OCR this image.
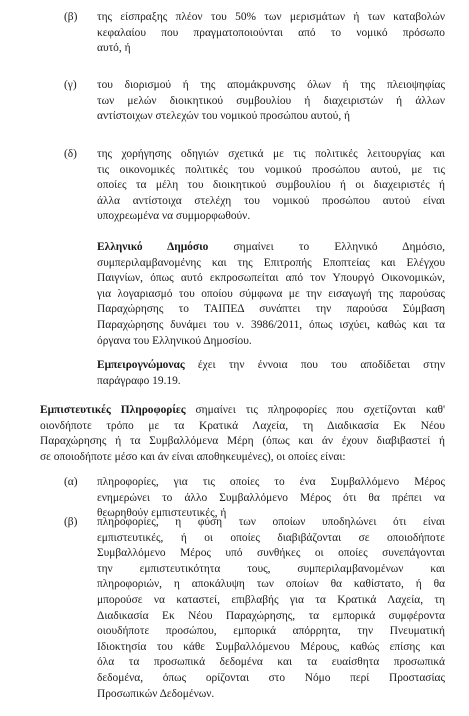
(β) της είσπραξης πλέον του 50% των μερισμάτων ή των καταβολών
κεφαλαίου που πραγματοποιούνται από το νομικό πρόσωπο
αυτό, ή
(γ) του διορισμού ή της απομάκρυνσης όλων ή της πλειοψηφίας
των μελών διοικητικού συμβουλίου ή διαχειριστών ή άλλων
αντίστοιχων στελεχών του νομικού προσώπου αυτού, ή
(δ) της χορήγησης οδηγιών σχετικά με τις πολιτικές λειτουργίας και
τις οικονομικές πολιτικές του νομικού προσώπου αυτού, με τις
οποίες τα μέλη του διοικητικού συμβουλίου ή οι διαχειριστές ή
άλλα αντίστοιχα στελέχη του νομικού προσώπου αυτού είναι
υποχρεωμένα να συμμορφωθούν.
Ελληνικό Δημόσιο σημαίνει το Ελληνικό Δημόσιο,
συμπεριλαμβανομένης και της Επιτροπής Εποπτείας και Ελέγχου
Παιγνίων, όπως αυτό εκπροσωπείται από τον Υπουργό Οικονομικών,
για λογαριασμό του οποίου σύμφωνα με την εισαγωγή της παρούσας
Παραχώρησης το ΤΑΙΠΕΔ συνάπτει την παρούσα Σύμβαση
Παραχώρησης δυνάμει του ν. 3986/2011, όπως ισχύει, καθώς και τα
όργανα του Ελληνικού Δημοσίου.
Εμπειρογνώμονας έχει την έννοια που του αποδίδεται στην
παράγραφο 19.19.
Εμπιστευτικές Πληροφορίες σημαίνει τις πληροφορίες που σχετίζονται καθ'
οιονδήποτε τρόπο με τα Κρατικά Λαχεία, τη Διαδικασία Εκ Νέου
Παραχώρησης ή τα Συμβαλλόμενα Μέρη (όπως και άν έχουν διαβιβαστεί ή
σε οποιοδήποτε μέσο και άν είναι αποθηκευμένες), οι οποίες είναι:
(α) πληροφορίες, για τις οποίες το ένα Συμβαλλόμενο Μέρος
ενημερώνει το άλλο Συμβαλλόμενο Μέρος ότι θα πρέπει να
θεωρηθούν εμπιστευτικές, ή
(β) πληροφορίες, η φύση των οποίων υποδηλώνει ότι είναι
εμπιστευτικές, ή οι οποίες διαβιβάζονται σε οποιοδήποτε
Συμβαλλόμενο Μέρος υπό συνθήκες οι οποίες συνεπάγονται
την εμπιστευτικότητα τους, συμπεριλαμβανομένων και
πληροφοριών, η αποκάλυψη των οποίων θα καθίστατο, ή θα
μπορούσε να καταστεί, επιβλαβής για τα Κρατικά Λαχεία, τη
Διαδικασία Εκ Νέου Παραχώρησης, τα εμπορικά συμφέροντα
οιουδήποτε προσώπου, εμπορικά απόρρητα, την Πνευματική
Ιδιοκτησία του κάθε Συμβαλλόμενου Μέρους, καθώς επίσης και
όλα τα προσωπικά δεδομένα και τα ευαίσθητα προσωπικά
δεδομένα, όπως ορίζονται στο Νόμο περί Προστασίας
Προσωπικών Δεδομένων.
